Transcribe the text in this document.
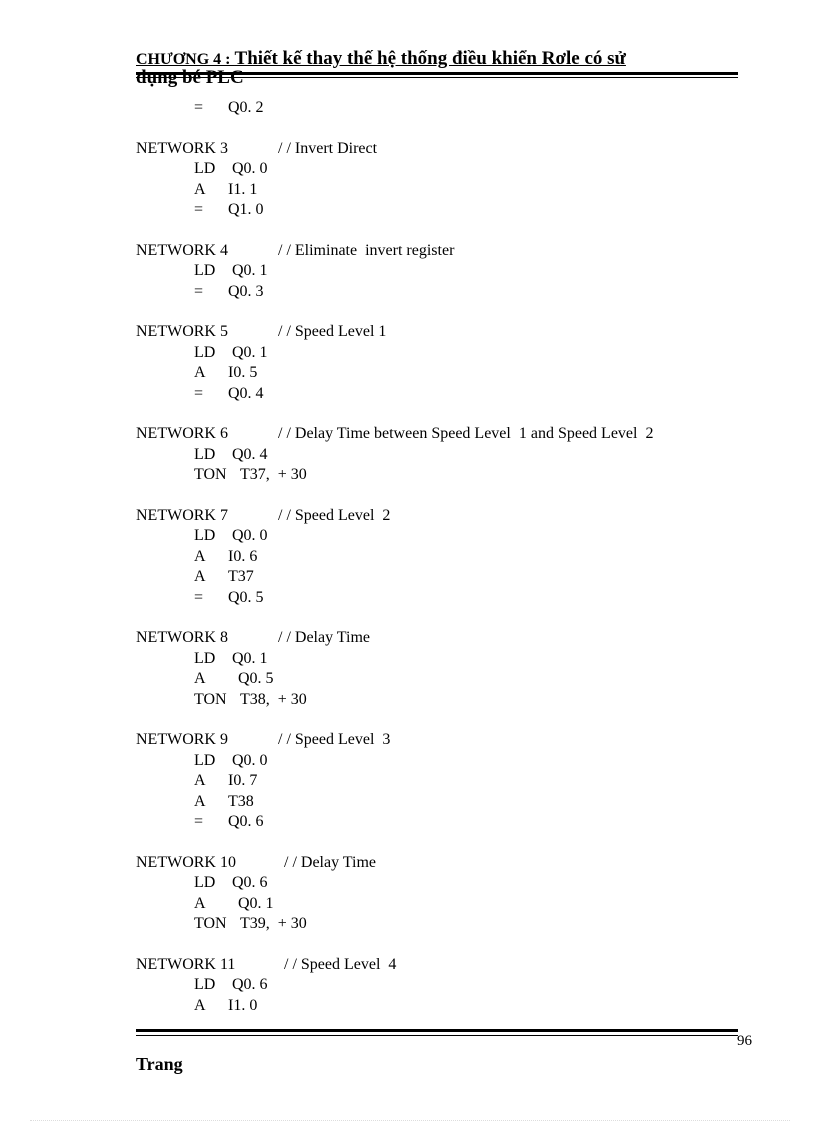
CHƯƠNG 4 : Thiết kế thay thế hệ thống điều khiển Rơle có sử
dụng bé PLC
= Q0. 2
NETWORK 3	/ / Invert Direct
LD Q0. 0
A I1. 1
= Q1. 0
NETWORK 4	/ / Eliminate  invert register
LD Q0. 1
= Q0. 3
NETWORK 5	/ / Speed Level 1
LD Q0. 1
A I0. 5
= Q0. 4
NETWORK 6	/ / Delay Time between Speed Level  1 and Speed Level  2
LD Q0. 4
TON T37,  + 30
NETWORK 7	/ / Speed Level  2
LD Q0. 0
A I0. 6
A T37
= Q0. 5
NETWORK 8	/ / Delay Time
LD Q0. 1
A Q0. 5
TON T38,  + 30
NETWORK 9	/ / Speed Level  3
LD Q0. 0
A I0. 7
A T38
= Q0. 6
NETWORK 10	/ / Delay Time
LD Q0. 6
A Q0. 1
TON T39,  + 30
NETWORK 11	/ / Speed Level  4
LD Q0. 6
A I1. 0
96
Trang
